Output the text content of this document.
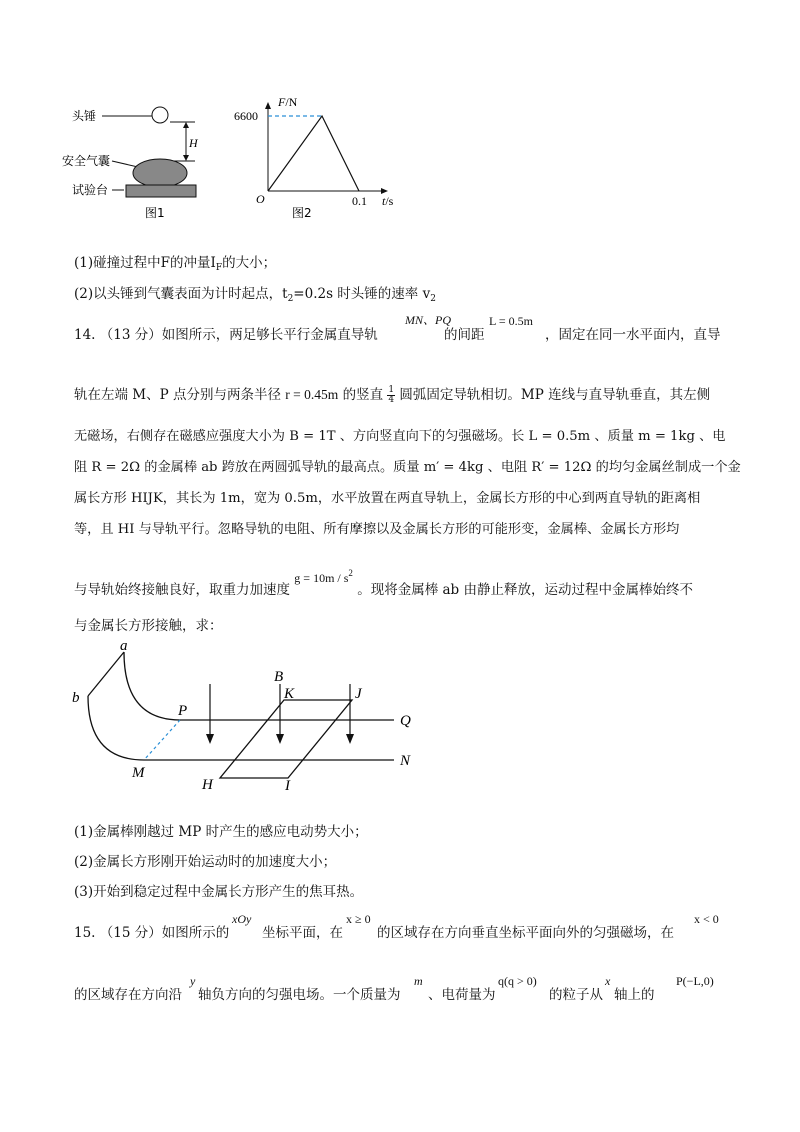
头锤
H
安全气囊
试验台
图1
F/N
6600
O	0.1 t/s
图2
(1)碰撞过程中F的冲量$I_F$的大小；
(2)以头锤到气囊表面为计时起点，$t_2=0.2s$ 时头锤的速率 $v_2$
14. （13 分）如图所示，两足够长平行金属直导轨
MN、PQ
的间距
L = 0.5m
，固定在同一水平面内，直导
轨在左端 M、P 点分别与两条半径 r = 0.45m 的竖直 $\frac{1}{4}$ 圆弧固定导轨相切。MP 连线与直导轨垂直，其左侧
无磁场，右侧存在磁感应强度大小为 B = 1T 、方向竖直向下的匀强磁场。长 L = 0.5m 、质量 m = 1kg 、电
阻 R = 2Ω 的金属棒 ab 跨放在两圆弧导轨的最高点。质量 m′ = 4kg 、电阻 R′ = 12Ω 的均匀金属丝制成一个金
属长方形 HIJK，其长为 1m，宽为 0.5m，水平放置在两直导轨上，金属长方形的中心到两直导轨的距离相
等，且 HI 与导轨平行。忽略导轨的电阻、所有摩擦以及金属长方形的可能形变，金属棒、金属长方形均
与导轨始终接触良好，取重力加速度 $g = 10m / s^2$ 。现将金属棒 ab 由静止释放，运动过程中金属棒始终不
与金属长方形接触，求：
a
b
P
Q
M
N
B
K	J
H	I
(1)金属棒刚越过 MP 时产生的感应电动势大小；
(2)金属长方形刚开始运动时的加速度大小；
(3)开始到稳定过程中金属长方形产生的焦耳热。
15. （15 分）如图所示的
xOy
坐标平面，在
x ≥ 0
的区域存在方向垂直坐标平面向外的匀强磁场，在
x < 0
的区域存在方向沿
y
轴负方向的匀强电场。一个质量为
m
、电荷量为
q(q > 0)
的粒子从
x
轴上的
P(−L,0)
